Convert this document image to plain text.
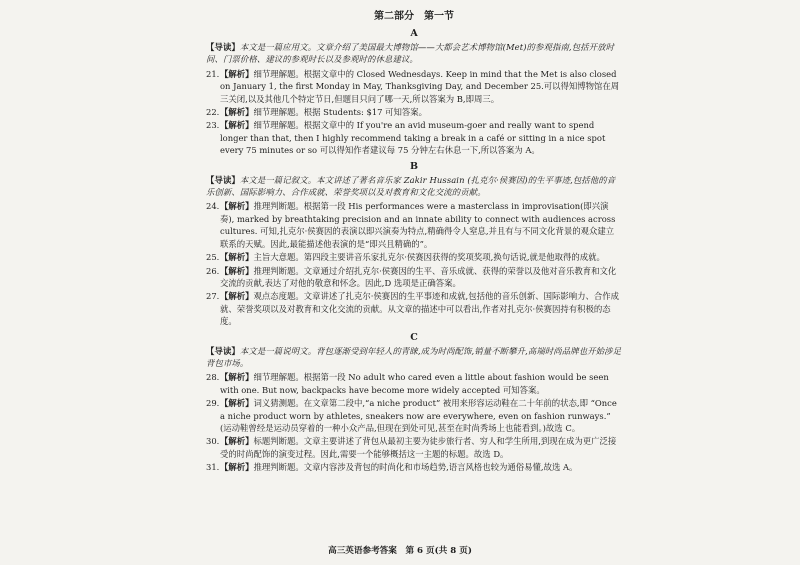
第二部分　第一节
A

【导读】本文是一篇应用文。文章介绍了美国最大博物馆——大都会艺术博物馆(Met)的参观指南,包括开放时间、门票价格、建议的参观时长以及参观时的休息建议。

21. 【解析】细节理解题。根据文章中的 Closed Wednesdays. Keep in mind that the Met is also closed on January 1, the first Monday in May, Thanksgiving Day, and December 25.可以得知博物馆在周三关闭,以及其他几个特定节日,但题目只问了哪一天,所以答案为 B,即周三。
22. 【解析】细节理解题。根据 Students: $17 可知答案。
23. 【解析】细节理解题。根据文章中的 If you're an avid museum-goer and really want to spend longer than that, then I highly recommend taking a break in a café or sitting in a nice spot every 75 minutes or so 可以得知作者建议每 75 分钟左右休息一下,所以答案为 A。
B

【导读】本文是一篇记叙文。本文讲述了著名音乐家 Zakir Hussain (扎克尔·侯赛因)的生平事迹,包括他的音乐创新、国际影响力、合作成就、荣誉奖项以及对教育和文化交流的贡献。

24. 【解析】推理判断题。根据第一段 His performances were a masterclass in improvisation(即兴演奏), marked by breathtaking precision and an innate ability to connect with audiences across cultures. 可知,扎克尔·侯赛因的表演以即兴演奏为特点,精确得令人窒息,并且有与不同文化背景的观众建立联系的天赋。因此,最能描述他表演的是“即兴且精确的”。
25. 【解析】主旨大意题。第四段主要讲音乐家扎克尔·侯赛因获得的奖项奖项,换句话说,就是他取得的成就。
26. 【解析】推理判断题。文章通过介绍扎克尔·侯赛因的生平、音乐成就、获得的荣誉以及他对音乐教育和文化交流的贡献,表达了对他的敬意和怀念。因此,D 选项是正确答案。
27. 【解析】观点态度题。文章讲述了扎克尔·侯赛因的生平事迹和成就,包括他的音乐创新、国际影响力、合作成就、荣誉奖项以及对教育和文化交流的贡献。从文章的描述中可以看出,作者对扎克尔·侯赛因持有积极的态度。
C

【导读】本文是一篇说明文。背包逐渐受到年轻人的青睐,成为时尚配饰,销量不断攀升,高端时尚品牌也开始涉足背包市场。

28. 【解析】细节理解题。根据第一段 No adult who cared even a little about fashion would be seen with one. But now, backpacks have become more widely accepted 可知答案。
29. 【解析】词义猜测题。在文章第二段中,“a niche product” 被用来形容运动鞋在二十年前的状态,即 “Once a niche product worn by athletes, sneakers now are everywhere, even on fashion runways.” (运动鞋曾经是运动员穿着的一种小众产品,但现在到处可见,甚至在时尚秀场上也能看到。)故选 C。
30. 【解析】标题判断题。文章主要讲述了背包从最初主要为徒步旅行者、穷人和学生所用,到现在成为更广泛接受的时尚配饰的演变过程。因此,需要一个能够概括这一主题的标题。故选 D。
31. 【解析】推理判断题。文章内容涉及背包的时尚化和市场趋势,语言风格也较为通俗易懂,故选 A。
高三英语参考答案　第 6 页(共 8 页)
